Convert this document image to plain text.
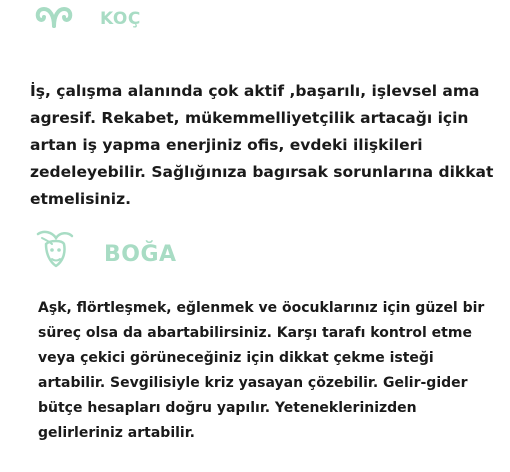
KOÇ

İş, çalışma alanında çok aktif ,başarılı, işlevsel ama agresif. Rekabet, mükemmelliyetçilik artacağı için artan iş yapma enerjiniz ofis, evdeki ilişkileri zedeleyebilir. Sağlığınıza bagırsak sorunlarına dikkat etmelisiniz.

BOĞA

Aşk, flörtleşmek, eğlenmek ve öocuklarınız için güzel bir süreç olsa da abartabilirsiniz. Karşı tarafı kontrol etme veya çekici görüneceğiniz için dikkat çekme isteği artabilir. Sevgilisiyle kriz yasayan çözebilir. Gelir-gider bütçe hesapları doğru yapılır. Yeteneklerinizden gelirleriniz artabilir.
